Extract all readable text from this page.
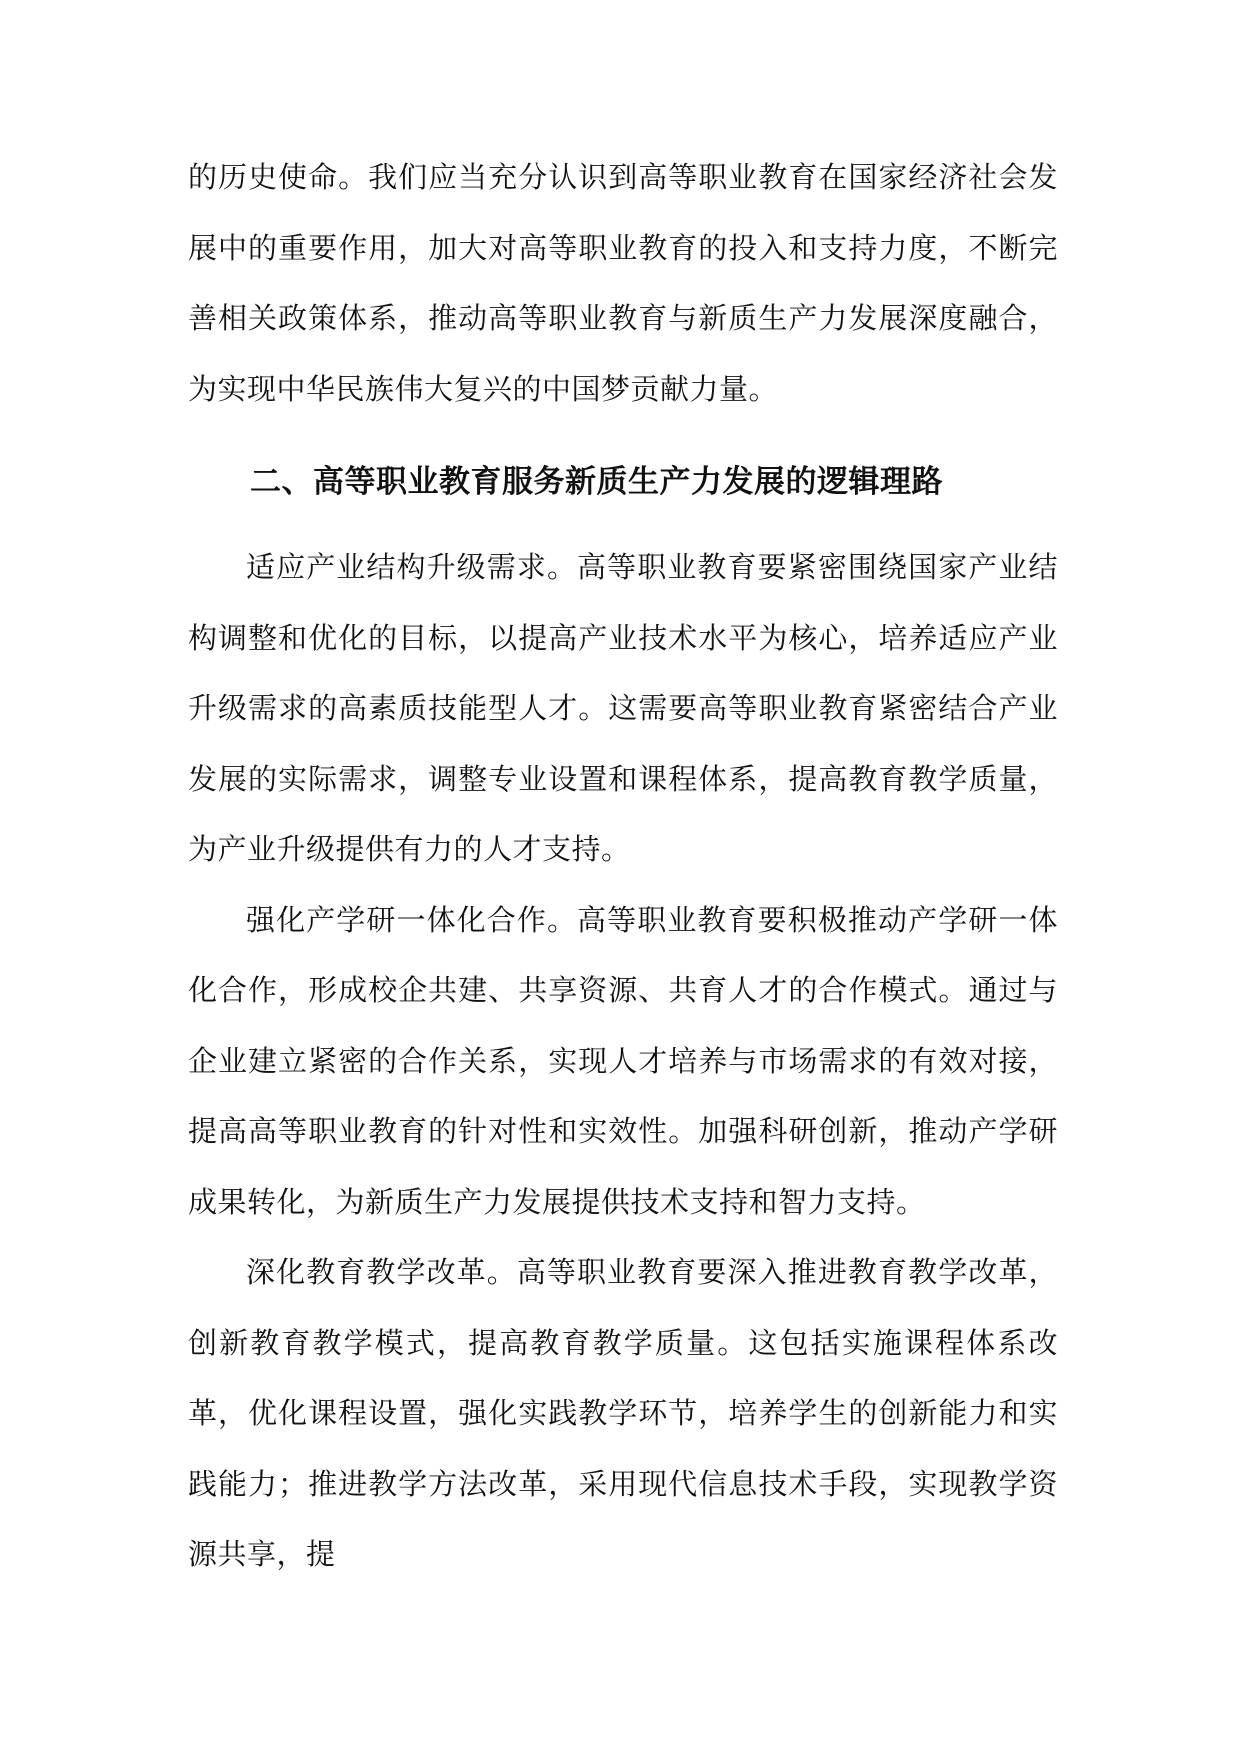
的历史使命。我们应当充分认识到高等职业教育在国家经济社会发展中的重要作用，加大对高等职业教育的投入和支持力度，不断完善相关政策体系，推动高等职业教育与新质生产力发展深度融合，为实现中华民族伟大复兴的中国梦贡献力量。

二、高等职业教育服务新质生产力发展的逻辑理路

适应产业结构升级需求。高等职业教育要紧密围绕国家产业结构调整和优化的目标，以提高产业技术水平为核心，培养适应产业升级需求的高素质技能型人才。这需要高等职业教育紧密结合产业发展的实际需求，调整专业设置和课程体系，提高教育教学质量，为产业升级提供有力的人才支持。

强化产学研一体化合作。高等职业教育要积极推动产学研一体化合作，形成校企共建、共享资源、共育人才的合作模式。通过与企业建立紧密的合作关系，实现人才培养与市场需求的有效对接，提高高等职业教育的针对性和实效性。加强科研创新，推动产学研成果转化，为新质生产力发展提供技术支持和智力支持。

深化教育教学改革。高等职业教育要深入推进教育教学改革，创新教育教学模式，提高教育教学质量。这包括实施课程体系改革，优化课程设置，强化实践教学环节，培养学生的创新能力和实践能力；推进教学方法改革，采用现代信息技术手段，实现教学资源共享，提
